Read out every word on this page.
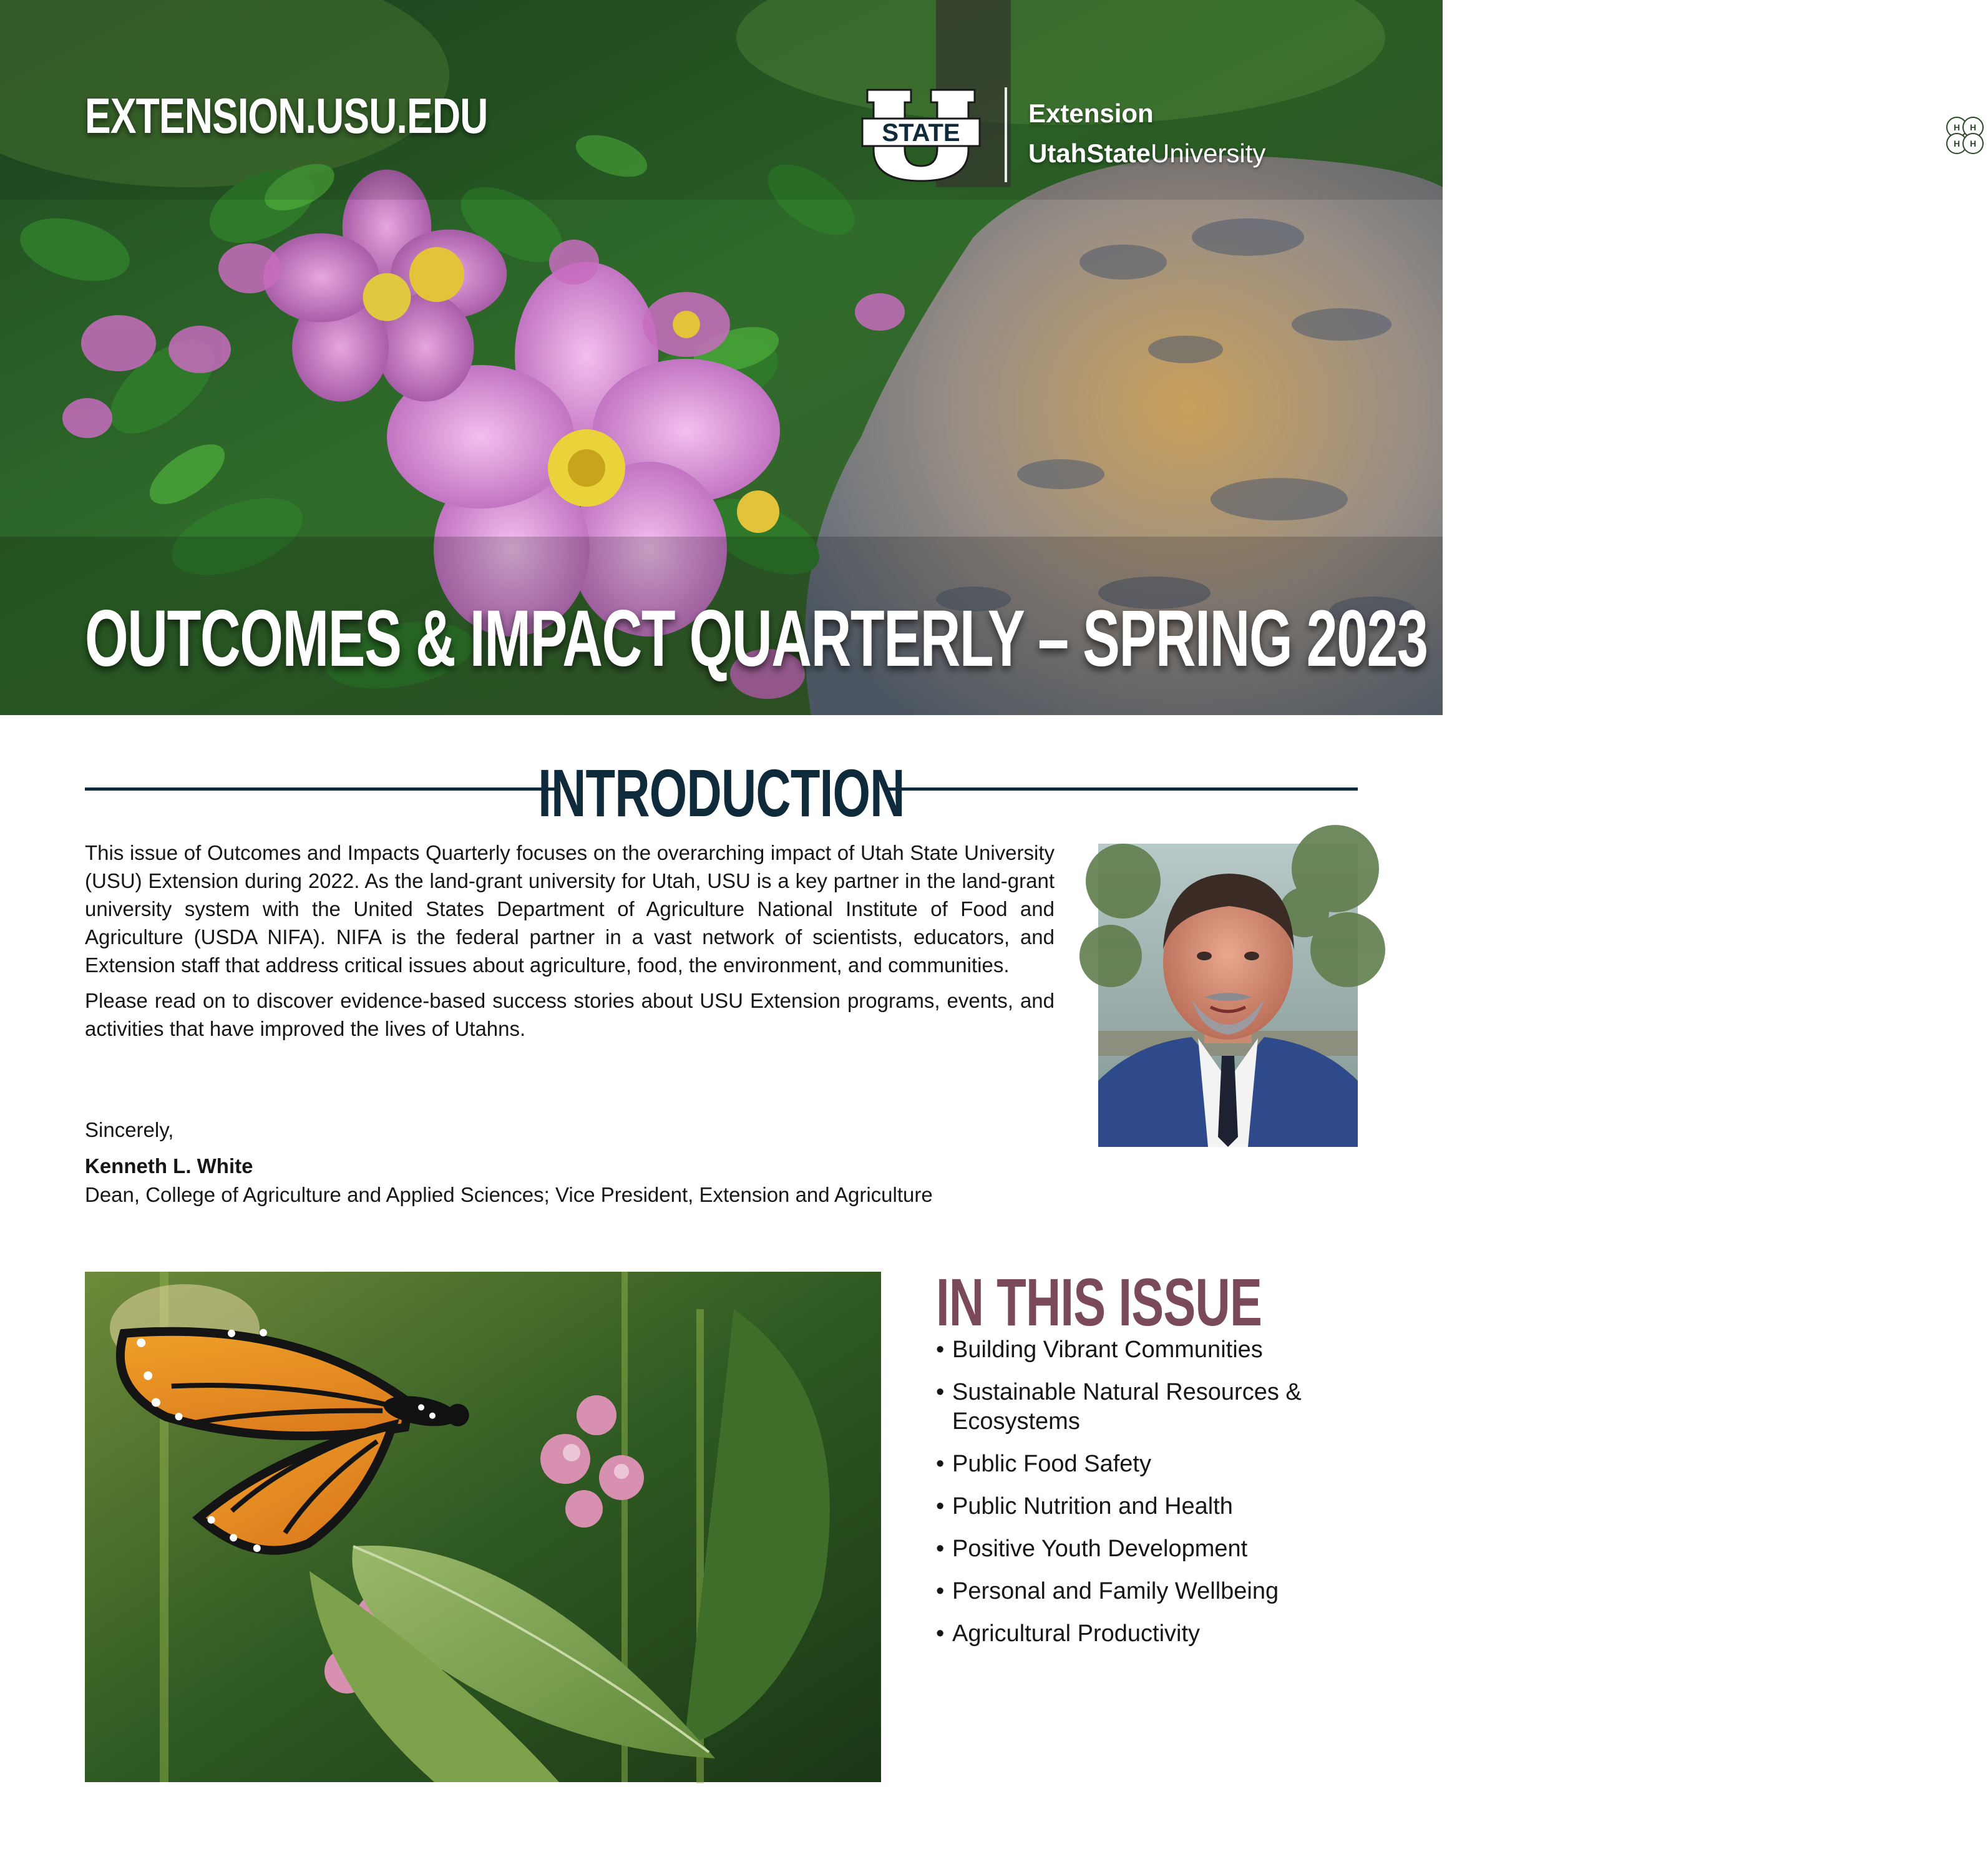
EXTENSION.USU.EDU	STATE
Extension
UtahStateUniversity
H H
H H
OUTCOMES & IMPACT QUARTERLY – SPRING 2023
INTRODUCTION

This issue of Outcomes and Impacts Quarterly focuses on the overarching impact of Utah State University (USU) Extension during 2022. As the land-grant university for Utah, USU is a key partner in the land-grant university system with the United States Department of Agriculture National Institute of Food and Agriculture (USDA NIFA). NIFA is the federal partner in a vast network of scientists, educators, and Extension staff that address critical issues about agriculture, food, the environment, and communities.

Please read on to discover evidence-based success stories about USU Extension programs, events, and activities that have improved the lives of Utahns.

Sincerely,
Kenneth L. White
Dean, College of Agriculture and Applied Sciences; Vice President, Extension and Agriculture
IN THIS ISSUE
• Building Vibrant Communities
• Sustainable Natural Resources & Ecosystems
• Public Food Safety
• Public Nutrition and Health
• Positive Youth Development
• Personal and Family Wellbeing
• Agricultural Productivity
